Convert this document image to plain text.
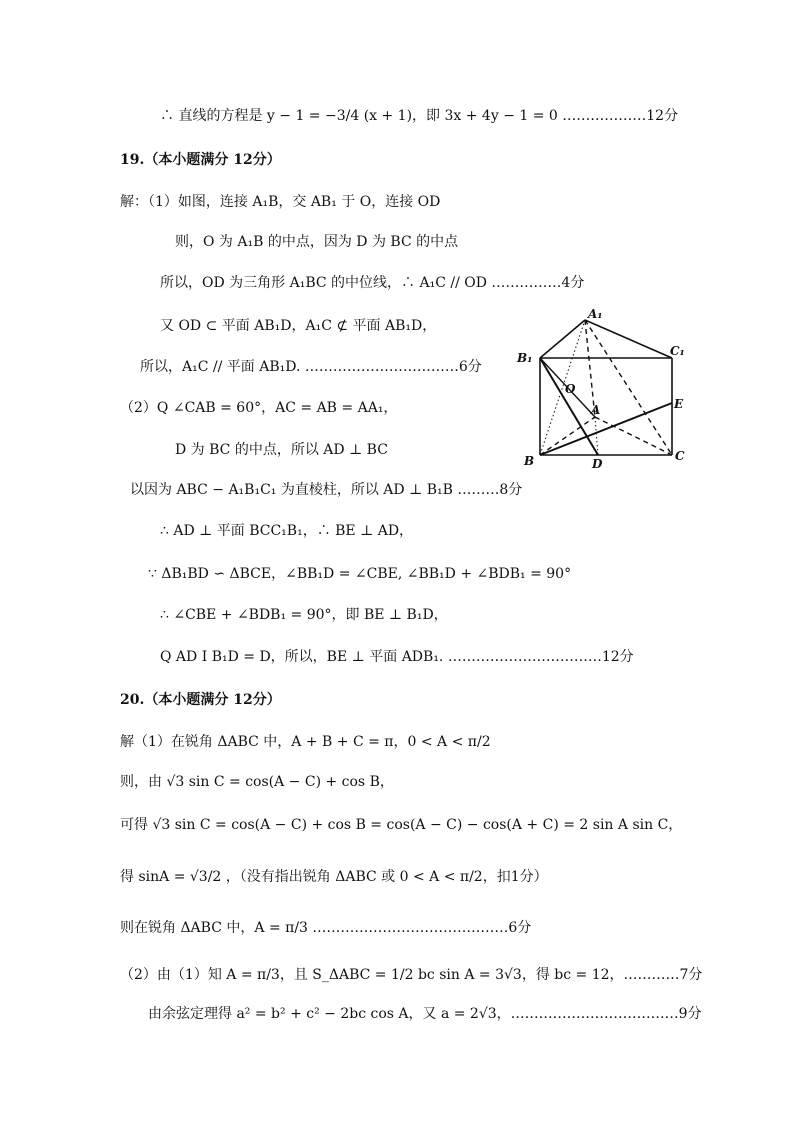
∴ 直线的方程是 y − 1 = −3/4 (x + 1)，即 3x + 4y − 1 = 0 ………………12分
19.（本小题满分 12分）
解：（1）如图，连接 A₁B，交 AB₁ 于 O，连接 OD
则，O 为 A₁B 的中点，因为 D 为 BC 的中点
所以，OD 为三角形 A₁BC 的中位线，∴ A₁C // OD ……………4分
又 OD ⊂ 平面 AB₁D，A₁C ⊄ 平面 AB₁D，
所以，A₁C // 平面 AB₁D. ……………………………6分
（2）Q ∠CAB = 60°，AC = AB = AA₁，
D 为 BC 的中点，所以 AD ⊥ BC
以因为 ABC − A₁B₁C₁ 为直棱柱，所以 AD ⊥ B₁B ………8分
∴ AD ⊥ 平面 BCC₁B₁，∴ BE ⊥ AD，
∵ ΔB₁BD ∽ ΔBCE，∠BB₁D = ∠CBE, ∠BB₁D + ∠BDB₁ = 90°
∴ ∠CBE + ∠BDB₁ = 90°，即 BE ⊥ B₁D，
Q AD I B₁D = D，所以，BE ⊥ 平面 ADB₁. ……………………………12分
20.（本小题满分 12分）
解（1）在锐角 ΔABC 中，A + B + C = π，0 < A < π/2
则，由 √3 sin C = cos(A − C) + cos B，
可得 √3 sin C = cos(A − C) + cos B = cos(A − C) − cos(A + C) = 2 sin A sin C，
得 sinA = √3/2 ，（没有指出锐角 ΔABC 或 0 < A < π/2，扣1分）
则在锐角 ΔABC 中，A = π/3 ……………………………………6分
（2）由（1）知 A = π/3，且 S_ΔABC = 1/2 bc sin A = 3√3，得 bc = 12，…………7分
由余弦定理得 a² = b² + c² − 2bc cos A，又 a = 2√3，………………………………9分
A₁
B₁	C₁
O
A	E
B	D
C
